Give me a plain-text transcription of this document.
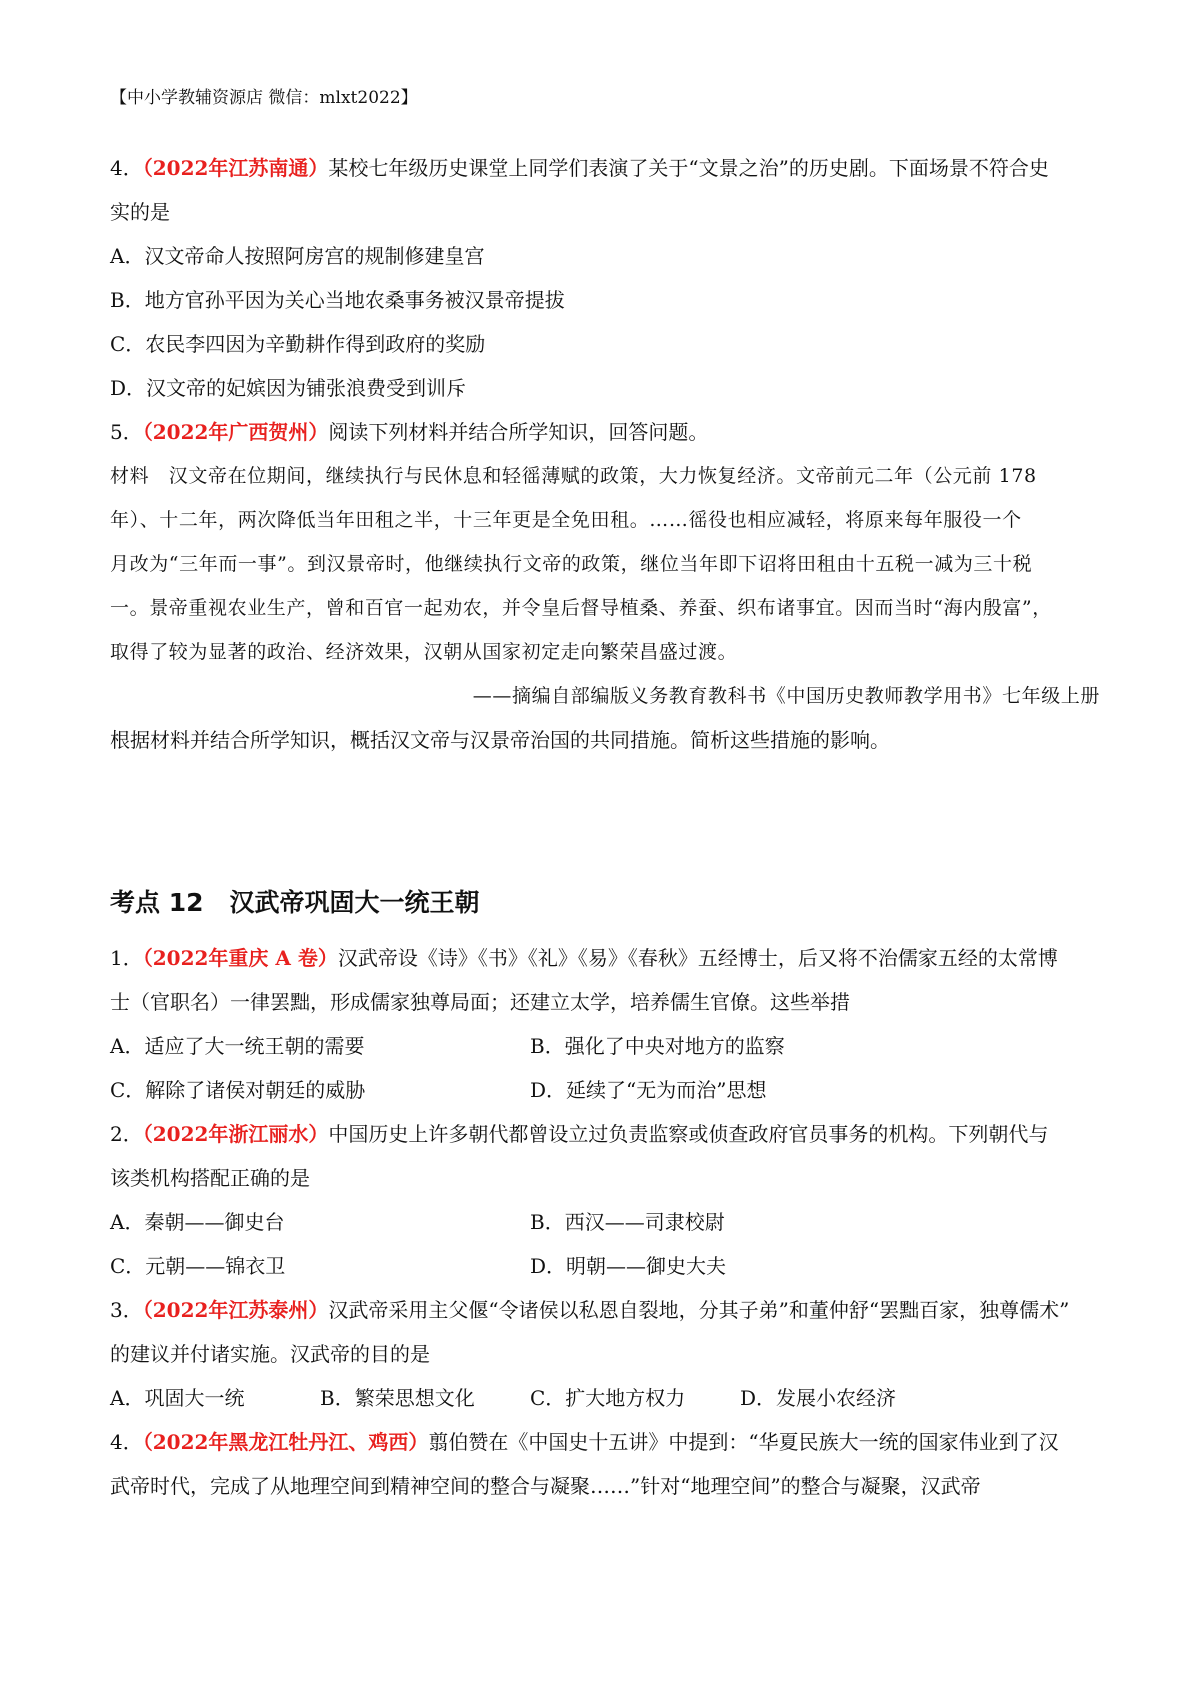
【中小学教辅资源店 微信：mlxt2022】
4．（2022年江苏南通）某校七年级历史课堂上同学们表演了关于“文景之治”的历史剧。下面场景不符合史
实的是
A．汉文帝命人按照阿房宫的规制修建皇宫
B．地方官孙平因为关心当地农桑事务被汉景帝提拔
C．农民李四因为辛勤耕作得到政府的奖励
D．汉文帝的妃嫔因为铺张浪费受到训斥
5．（2022年广西贺州）阅读下列材料并结合所学知识，回答问题。
材料　汉文帝在位期间，继续执行与民休息和轻徭薄赋的政策，大力恢复经济。文帝前元二年（公元前 178
年）、十二年，两次降低当年田租之半，十三年更是全免田租。……徭役也相应减轻，将原来每年服役一个
月改为“三年而一事”。到汉景帝时，他继续执行文帝的政策，继位当年即下诏将田租由十五税一减为三十税
一。景帝重视农业生产，曾和百官一起劝农，并令皇后督导植桑、养蚕、织布诸事宜。因而当时“海内殷富”，
取得了较为显著的政治、经济效果，汉朝从国家初定走向繁荣昌盛过渡。
——摘编自部编版义务教育教科书《中国历史教师教学用书》七年级上册
根据材料并结合所学知识，概括汉文帝与汉景帝治国的共同措施。简析这些措施的影响。
考点 12 汉武帝巩固大一统王朝
1．（2022年重庆 A 卷）汉武帝设《诗》《书》《礼》《易》《春秋》五经博士，后又将不治儒家五经的太常博
士（官职名）一律罢黜，形成儒家独尊局面；还建立太学，培养儒生官僚。这些举措
A．适应了大一统王朝的需要	B．强化了中央对地方的监察
C．解除了诸侯对朝廷的威胁	D．延续了“无为而治”思想
2．（2022年浙江丽水）中国历史上许多朝代都曾设立过负责监察或侦查政府官员事务的机构。下列朝代与
该类机构搭配正确的是
A．秦朝——御史台	B．西汉——司隶校尉
C．元朝——锦衣卫	D．明朝——御史大夫
3．（2022年江苏泰州）汉武帝采用主父偃“令诸侯以私恩自裂地，分其子弟”和董仲舒“罢黜百家，独尊儒术”
的建议并付诸实施。汉武帝的目的是
A．巩固大一统	B．繁荣思想文化	C．扩大地方权力	D．发展小农经济
4．（2022年黑龙江牡丹江、鸡西）翦伯赞在《中国史十五讲》中提到：“华夏民族大一统的国家伟业到了汉
武帝时代，完成了从地理空间到精神空间的整合与凝聚……”针对“地理空间”的整合与凝聚，汉武帝
